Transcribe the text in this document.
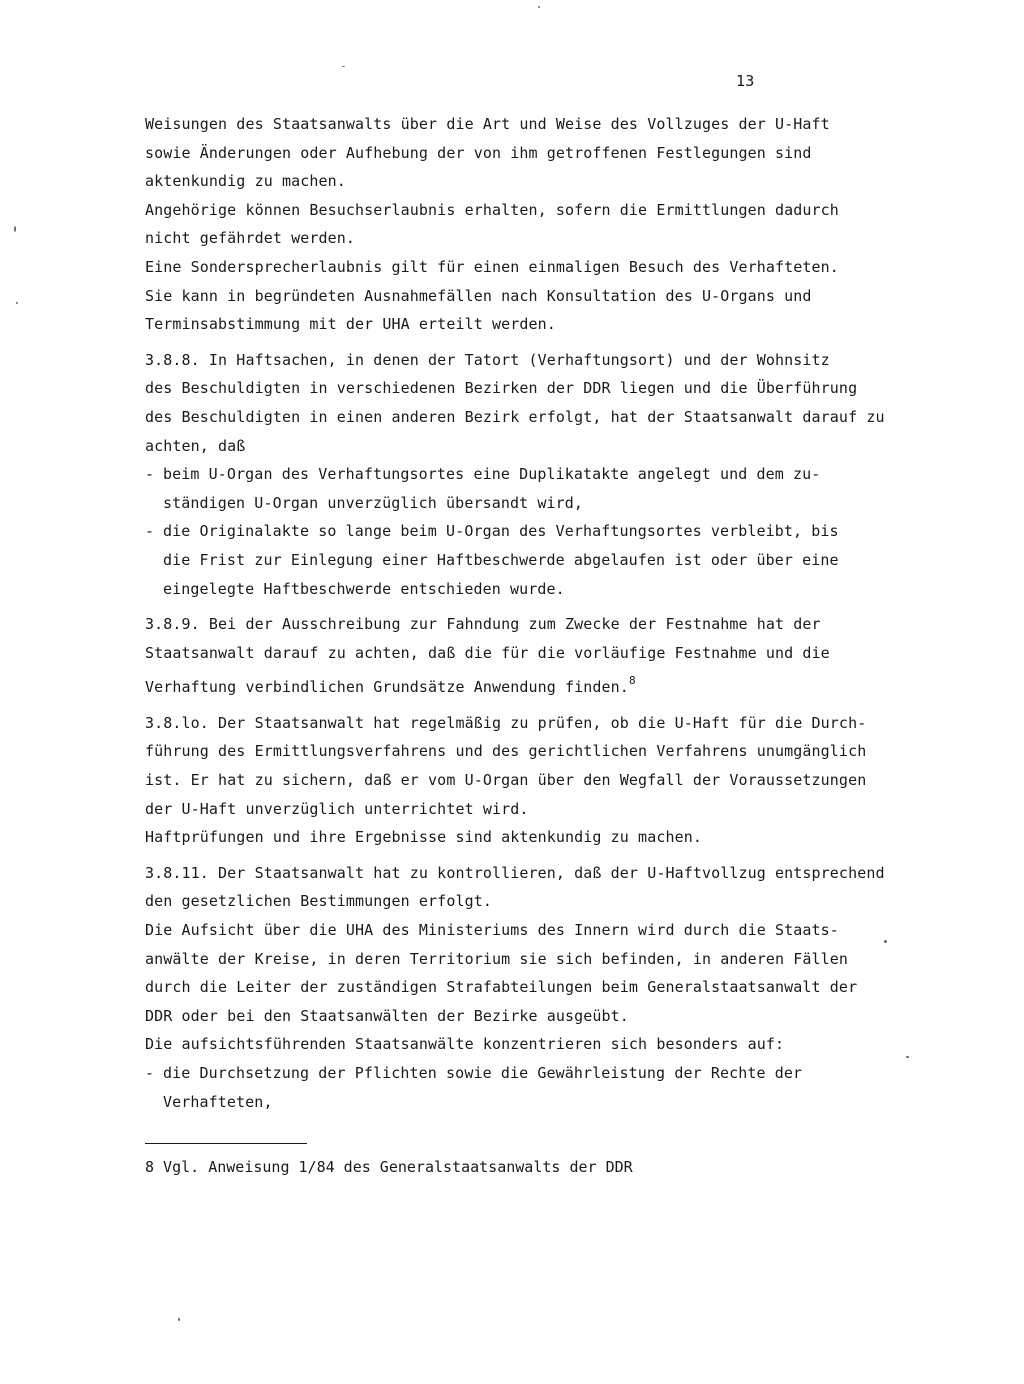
13
Weisungen des Staatsanwalts über die Art und Weise des Vollzuges der U-Haft
sowie Änderungen oder Aufhebung der von ihm getroffenen Festlegungen sind
aktenkundig zu machen.
Angehörige können Besuchserlaubnis erhalten, sofern die Ermittlungen dadurch
nicht gefährdet werden.
Eine Sondersprecherlaubnis gilt für einen einmaligen Besuch des Verhafteten.
Sie kann in begründeten Ausnahmefällen nach Konsultation des U-Organs und
Terminsabstimmung mit der UHA erteilt werden.
3.8.8. In Haftsachen, in denen der Tatort (Verhaftungsort) und der Wohnsitz
des Beschuldigten in verschiedenen Bezirken der DDR liegen und die Überführung
des Beschuldigten in einen anderen Bezirk erfolgt, hat der Staatsanwalt darauf zu
achten, daß
- beim U-Organ des Verhaftungsortes eine Duplikatakte angelegt und dem zu-
ständigen U-Organ unverzüglich übersandt wird,
- die Originalakte so lange beim U-Organ des Verhaftungsortes verbleibt, bis
die Frist zur Einlegung einer Haftbeschwerde abgelaufen ist oder über eine
eingelegte Haftbeschwerde entschieden wurde.
3.8.9. Bei der Ausschreibung zur Fahndung zum Zwecke der Festnahme hat der
Staatsanwalt darauf zu achten, daß die für die vorläufige Festnahme und die
Verhaftung verbindlichen Grundsätze Anwendung finden.$^8$
3.8.lo. Der Staatsanwalt hat regelmäßig zu prüfen, ob die U-Haft für die Durch-
führung des Ermittlungsverfahrens und des gerichtlichen Verfahrens unumgänglich
ist. Er hat zu sichern, daß er vom U-Organ über den Wegfall der Voraussetzungen
der U-Haft unverzüglich unterrichtet wird.
Haftprüfungen und ihre Ergebnisse sind aktenkundig zu machen.
3.8.11. Der Staatsanwalt hat zu kontrollieren, daß der U-Haftvollzug entsprechend
den gesetzlichen Bestimmungen erfolgt.
Die Aufsicht über die UHA des Ministeriums des Innern wird durch die Staats-
anwälte der Kreise, in deren Territorium sie sich befinden, in anderen Fällen
durch die Leiter der zuständigen Strafabteilungen beim Generalstaatsanwalt der
DDR oder bei den Staatsanwälten der Bezirke ausgeübt.
Die aufsichtsführenden Staatsanwälte konzentrieren sich besonders auf:
- die Durchsetzung der Pflichten sowie die Gewährleistung der Rechte der
Verhafteten,
8 Vgl. Anweisung 1/84 des Generalstaatsanwalts der DDR
